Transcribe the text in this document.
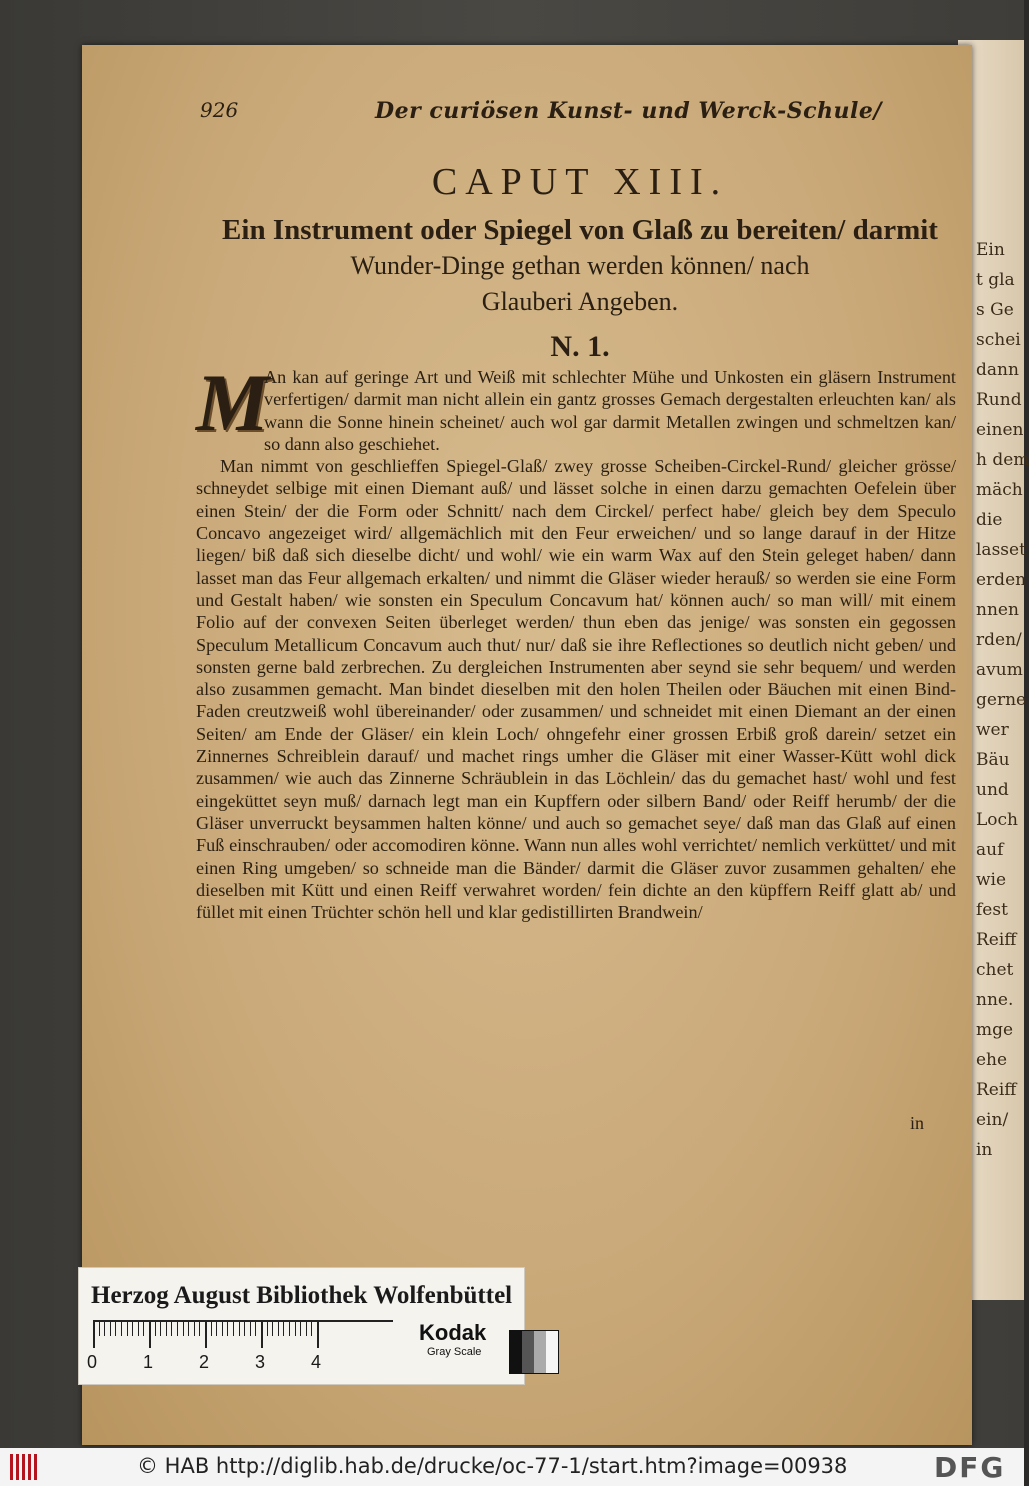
Ein
t gla
s Ge
schei
dann
Rund
einen
h dem
mäch
die
lasset
erden
nnen
rden/
avum
gerne
wer
Bäu
und
Loch
auf
wie
fest
Reiff
chet
nne.
mge
ehe
Reiff
ein/
in
926	Der curiösen Kunst- und Werck-Schule/
CAPUT XIII.
Ein Instrument oder Spiegel von Glaß zu bereiten/ darmit
Wunder-Dinge gethan werden können/ nach
Glauberi Angeben.
N. 1.
M

An kan auf geringe Art und Weiß mit schlechter Mühe und Unkosten ein gläsern Instrument verfertigen/ darmit man nicht allein ein gantz grosses Gemach dergestalten erleuchten kan/ als wann die Sonne hinein scheinet/ auch wol gar darmit Metallen zwingen und schmeltzen kan/ so dann also geschiehet.

Man nimmt von geschlieffen Spiegel-Glaß/ zwey grosse Scheiben-Circkel-Rund/ gleicher grösse/ schneydet selbige mit einen Diemant auß/ und lässet solche in einen darzu gemachten Oefelein über einen Stein/ der die Form oder Schnitt/ nach dem Circkel/ perfect habe/ gleich bey dem Speculo Concavo angezeiget wird/ allgemächlich mit den Feur erweichen/ und so lange darauf in der Hitze liegen/ biß daß sich dieselbe dicht/ und wohl/ wie ein warm Wax auf den Stein geleget haben/ dann lasset man das Feur allgemach erkalten/ und nimmt die Gläser wieder herauß/ so werden sie eine Form und Gestalt haben/ wie sonsten ein Speculum Concavum hat/ können auch/ so man will/ mit einem Folio auf der convexen Seiten überleget werden/ thun eben das jenige/ was sonsten ein gegossen Speculum Metallicum Concavum auch thut/ nur/ daß sie ihre Reflectiones so deutlich nicht geben/ und sonsten gerne bald zerbrechen. Zu dergleichen Instrumenten aber seynd sie sehr bequem/ und werden also zusammen gemacht. Man bindet dieselben mit den holen Theilen oder Bäuchen mit einen Bind-Faden creutzweiß wohl übereinander/ oder zusammen/ und schneidet mit einen Diemant an der einen Seiten/ am Ende der Gläser/ ein klein Loch/ ohngefehr einer grossen Erbiß groß darein/ setzet ein Zinnernes Schreiblein darauf/ und machet rings umher die Gläser mit einer Wasser-Kütt wohl dick zusammen/ wie auch das Zinnerne Schräublein in das Löchlein/ das du gemachet hast/ wohl und fest eingeküttet seyn muß/ darnach legt man ein Kupffern oder silbern Band/ oder Reiff herumb/ der die Gläser unverruckt beysammen halten könne/ und auch so gemachet seye/ daß man das Glaß auf einen Fuß einschrauben/ oder accomodiren könne. Wann nun alles wohl verrichtet/ nemlich verküttet/ und mit einen Ring umgeben/ so schneide man die Bänder/ darmit die Gläser zuvor zusammen gehalten/ ehe dieselben mit Kütt und einen Reiff verwahret worden/ fein dichte an den küpffern Reiff glatt ab/ und füllet mit einen Trüchter schön hell und klar gedistillirten Brandwein/

in
Herzog August Bibliothek Wolfenbüttel
0	1	2	3	4
Kodak
Gray Scale
© HAB http://diglib.hab.de/drucke/oc-77-1/start.htm?image=00938	DFG
